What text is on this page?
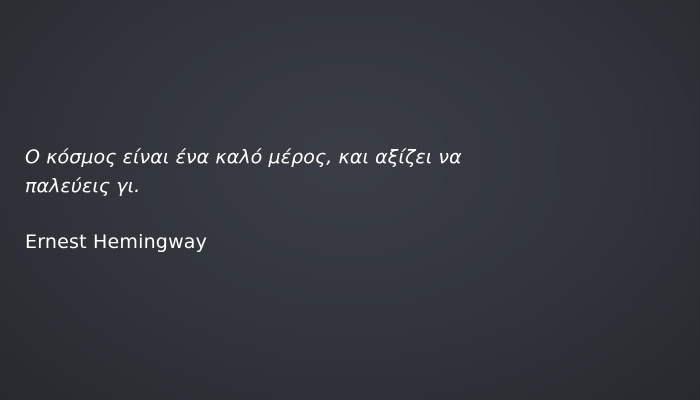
Ο κόσμος είναι ένα καλό μέρος, και αξίζει να παλεύεις γι.

Ernest Hemingway
